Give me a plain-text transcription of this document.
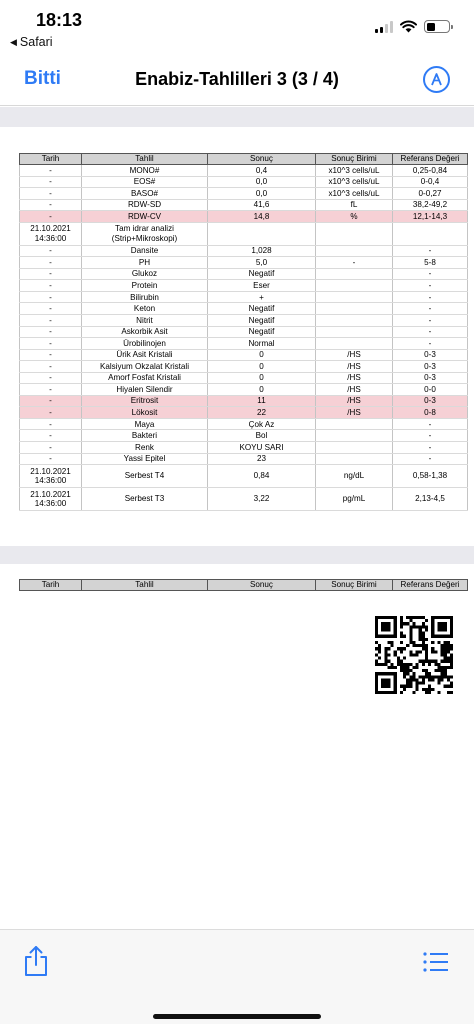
18:13
◀ Safari
Bitti	Enabiz-Tahlilleri 3 (3 / 4)
Tarih	Tahlil	Sonuç	Sonuç Birimi	Referans Değeri
-	MONO#	0,4	x10^3 cells/uL	0,25-0,84
-	EOS#	0,0	x10^3 cells/uL	0-0,4
-	BASO#	0,0	x10^3 cells/uL	0-0,27
-	RDW-SD	41,6	fL	38,2-49,2
-	RDW-CV	14,8	%	12,1-14,3
21.10.2021 14:36:00	Tam idrar analizi (Strip+Mikroskopi)			
-	Dansite	1,028		-
-	PH	5,0	-	5-8
-	Glukoz	Negatif		-
-	Protein	Eser		-
-	Bilirubin	+		-
-	Keton	Negatif		-
-	Nitrit	Negatif		-
-	Askorbik Asit	Negatif		-
-	Ürobilinojen	Normal		-
-	Ürik Asit Kristali	0	/HS	0-3
-	Kalsiyum Okzalat Kristali	0	/HS	0-3
-	Amorf Fosfat Kristali	0	/HS	0-3
-	Hiyalen Silendir	0	/HS	0-0
-	Eritrosit	11	/HS	0-3
-	Lökosit	22	/HS	0-8
-	Maya	Çok Az		-
-	Bakteri	Bol		-
-	Renk	KOYU SARI		-
-	Yassi Epitel	23		-
21.10.2021 14:36:00	Serbest T4	0,84	ng/dL	0,58-1,38
21.10.2021 14:36:00	Serbest T3	3,22	pg/mL	2,13-4,5
Tarih	Tahlil	Sonuç	Sonuç Birimi	Referans Değeri
